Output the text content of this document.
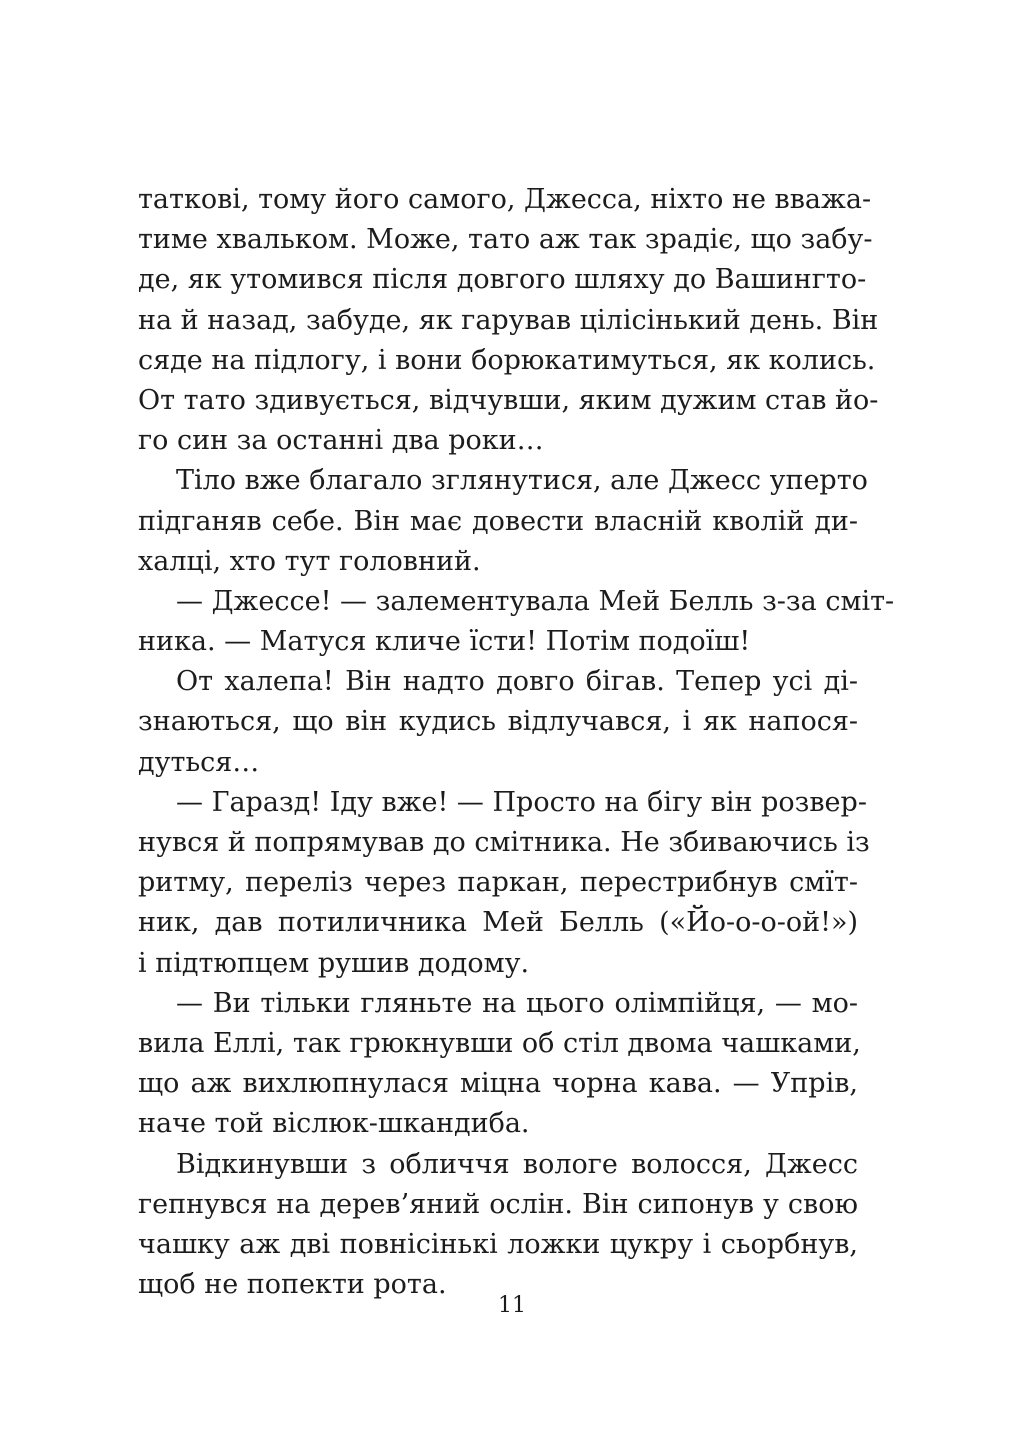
таткові, тому його самого, Джесса, ніхто не вважа-
тиме хвальком. Може, тато аж так зрадіє, що забу-
де, як утомився після довгого шляху до Вашингто-
на й назад, забуде, як гарував цілісінький день. Він
сяде на підлогу, і вони борюкатимуться, як колись.
От тато здивується, відчувши, яким дужим став йо-
го син за останні два роки…
Тіло вже благало зглянутися, але Джесс уперто
підганяв себе. Він має довести власній кволій ди-
халці, хто тут головний.
— Джессе! — залементувала Мей Белль з-за сміт-
ника. — Матуся кличе їсти! Потім подоїш!
От халепа! Він надто довго бігав. Тепер усі ді-
знаються, що він кудись відлучався, і як напося-
дуться…
— Гаразд! Іду вже! — Просто на бігу він розвер-
нувся й попрямував до смітника. Не збиваючись із
ритму, переліз через паркан, перестрибнув смїт-
ник, дав потиличника Мей Белль («Йо-о-о-ой!»)
і підтюпцем рушив додому.
— Ви тільки гляньте на цього олімпійця, — мо-
вила Еллі, так грюкнувши об стіл двома чашками,
що аж вихлюпнулася міцна чорна кава. — Упрів,
наче той віслюк-шкандиба.
Відкинувши з обличчя вологе волосся, Джесс
гепнувся на дерев’яний ослін. Він сипонув у свою
чашку аж дві повнісінькі ложки цукру і сьорбнув,
щоб не попекти рота.
11
